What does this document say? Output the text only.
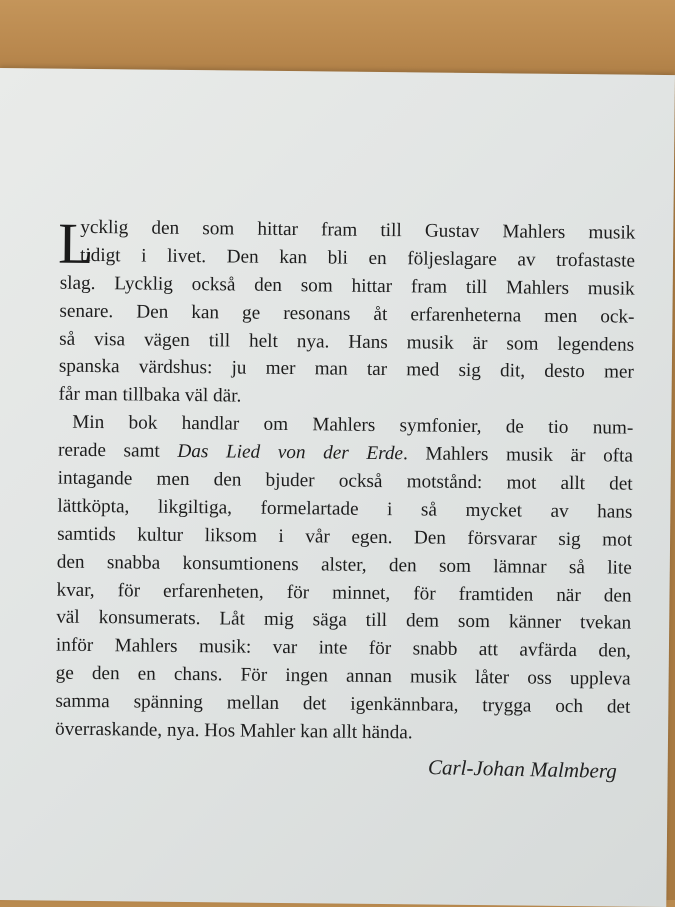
L
ycklig den som hittar fram till Gustav Mahlers musik
tidigt i livet. Den kan bli en följeslagare av trofastaste
slag. Lycklig också den som hittar fram till Mahlers musik
senare. Den kan ge resonans åt erfarenheterna men ock-
så visa vägen till helt nya. Hans musik är som legendens
spanska värdshus: ju mer man tar med sig dit, desto mer
får man tillbaka väl där.
Min bok handlar om Mahlers symfonier, de tio num-
rerade samt Das Lied von der Erde. Mahlers musik är ofta
intagande men den bjuder också motstånd: mot allt det
lättköpta, likgiltiga, formelartade i så mycket av hans
samtids kultur liksom i vår egen. Den försvarar sig mot
den snabba konsumtionens alster, den som lämnar så lite
kvar, för erfarenheten, för minnet, för framtiden när den
väl konsumerats. Låt mig säga till dem som känner tvekan
inför Mahlers musik: var inte för snabb att avfärda den,
ge den en chans. För ingen annan musik låter oss uppleva
samma spänning mellan det igenkännbara, trygga och det
överraskande, nya. Hos Mahler kan allt hända.
Carl-Johan Malmberg
